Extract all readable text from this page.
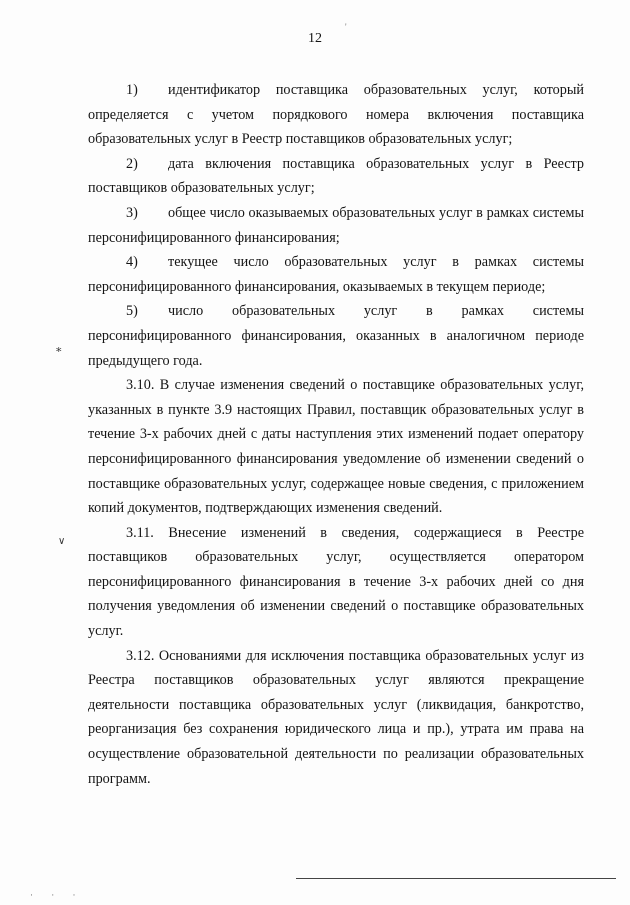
'
12

1) идентификатор поставщика образовательных услуг, который определяется с учетом порядкового номера включения поставщика образовательных услуг в Реестр поставщиков образовательных услуг;

2) дата включения поставщика образовательных услуг в Реестр поставщиков образовательных услуг;

3) общее число оказываемых образовательных услуг в рамках системы персонифицированного финансирования;

4) текущее число образовательных услуг в рамках системы персонифицированного финансирования, оказываемых в текущем периоде;

5) число образовательных услуг в рамках системы персонифицированного финансирования, оказанных в аналогичном периоде предыдущего года.

3.10. В случае изменения сведений о поставщике образовательных услуг, указанных в пункте 3.9 настоящих Правил, поставщик образовательных услуг в течение 3-х рабочих дней с даты наступления этих изменений подает оператору персонифицированного финансирования уведомление об изменении сведений о поставщике образовательных услуг, содержащее новые сведения, с приложением копий документов, подтверждающих изменения сведений.

3.11. Внесение изменений в сведения, содержащиеся в Реестре поставщиков образовательных услуг, осуществляется оператором персонифицированного финансирования в течение 3-х рабочих дней со дня получения уведомления об изменении сведений о поставщике образовательных услуг.

3.12. Основаниями для исключения поставщика образовательных услуг из Реестра поставщиков образовательных услуг являются прекращение деятельности поставщика образовательных услуг (ликвидация, банкротство, реорганизация без сохранения юридического лица и пр.), утрата им права на осуществление образовательной деятельности по реализации образовательных программ.

∗
∨
· · ·
